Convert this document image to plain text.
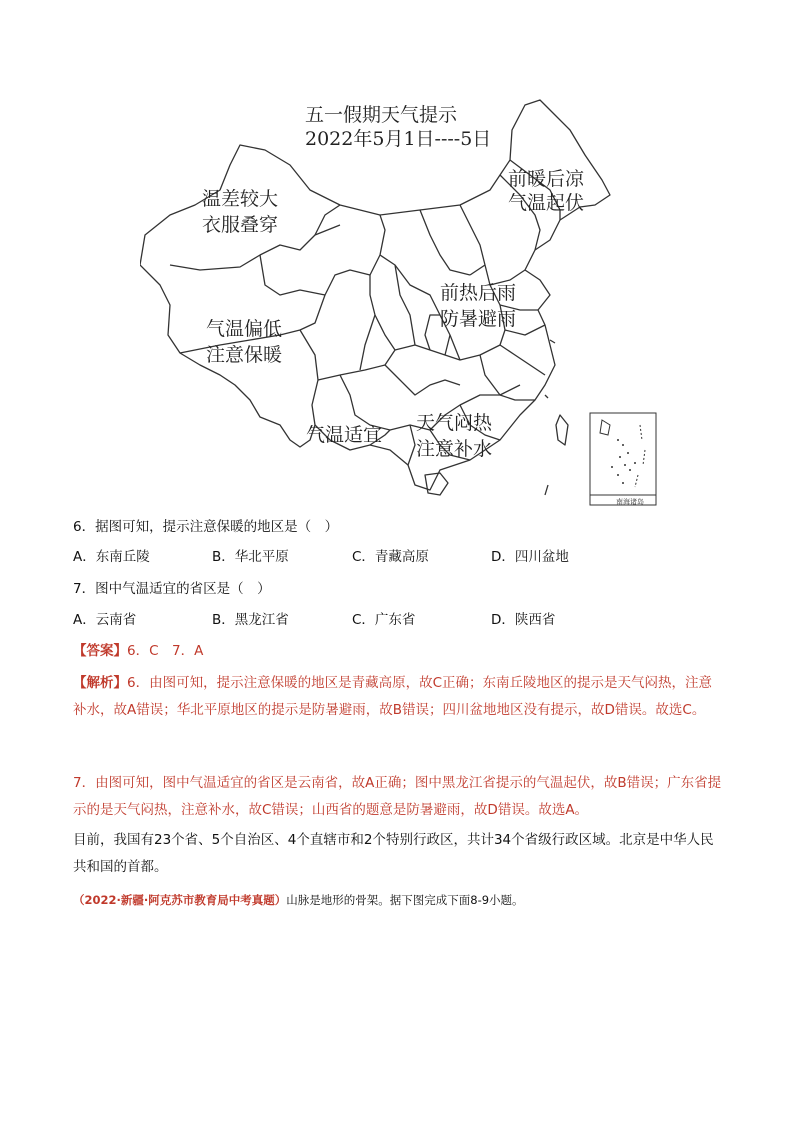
五一假期天气提示
2022年5月1日----5日
温差较大
衣服叠穿
前暖后凉
气温起伏
前热后雨
防暑避雨
气温偏低
注意保暖
气温适宜
天气闷热
注意补水
南海诸岛
6．据图可知，提示注意保暖的地区是（　）
A．东南丘陵	B．华北平原	C．青藏高原	D．四川盆地
7．图中气温适宜的省区是（　）
A．云南省	B．黑龙江省	C．广东省	D．陕西省
【答案】6．C　7．A
【解析】6．由图可知，提示注意保暖的地区是青藏高原，故C正确；东南丘陵地区的提示是天气闷热，注意补水，故A错误；华北平原地区的提示是防暑避雨，故B错误；四川盆地地区没有提示，故D错误。故选C。
7．由图可知，图中气温适宜的省区是云南省，故A正确；图中黑龙江省提示的气温起伏，故B错误；广东省提示的是天气闷热，注意补水，故C错误；山西省的题意是防暑避雨，故D错误。故选A。
目前，我国有23个省、5个自治区、4个直辖市和2个特别行政区，共计34个省级行政区域。北京是中华人民共和国的首都。
（2022·新疆·阿克苏市教育局中考真题）山脉是地形的骨架。据下图完成下面8-9小题。
